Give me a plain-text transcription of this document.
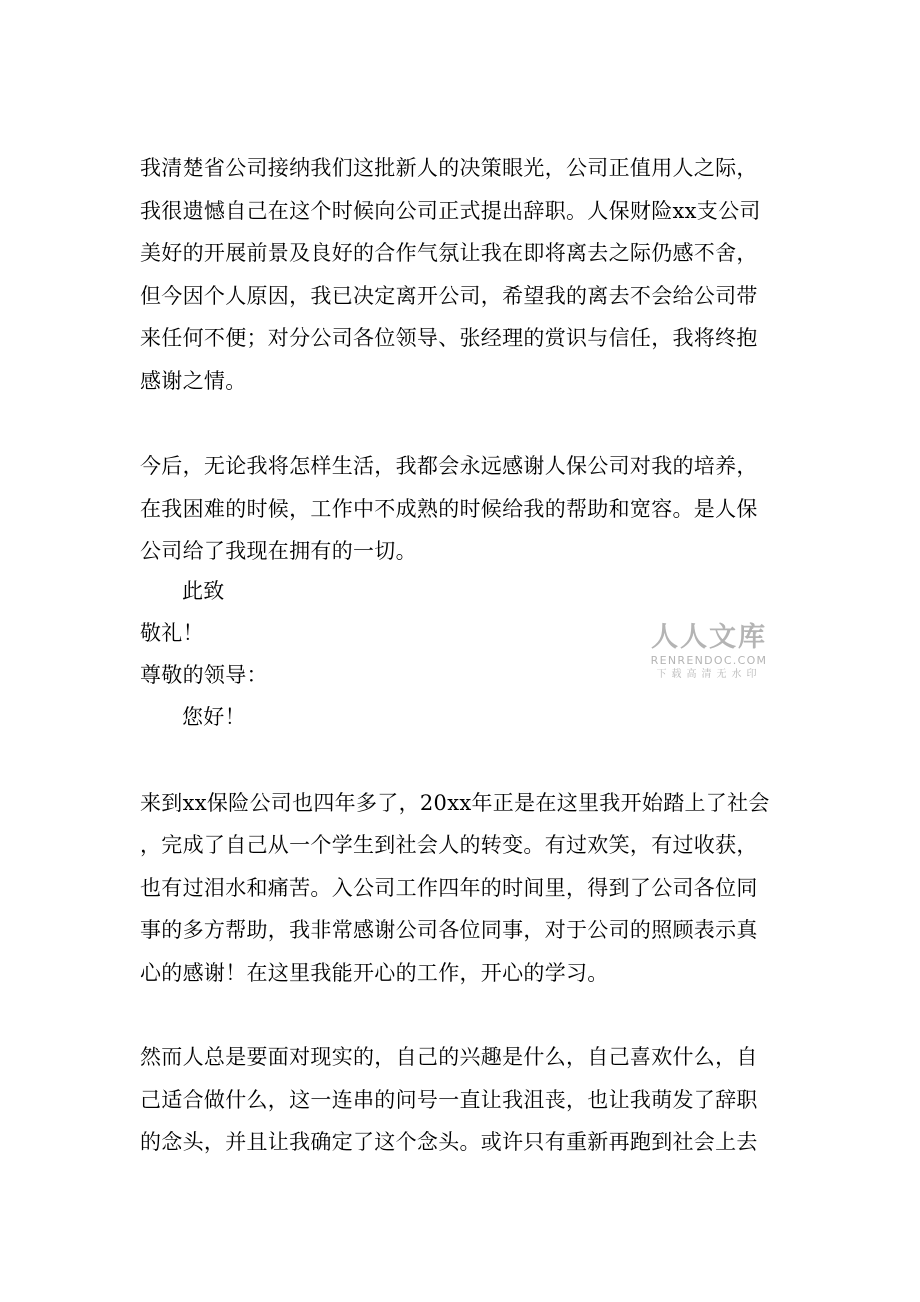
我清楚省公司接纳我们这批新人的决策眼光，公司正值用人之际，
我很遗憾自己在这个时候向公司正式提出辞职。人保财险xx支公司
美好的开展前景及良好的合作气氛让我在即将离去之际仍感不舍，
但今因个人原因，我已决定离开公司，希望我的离去不会给公司带
来任何不便；对分公司各位领导、张经理的赏识与信任，我将终抱
感谢之情。
今后，无论我将怎样生活，我都会永远感谢人保公司对我的培养，
在我困难的时候，工作中不成熟的时候给我的帮助和宽容。是人保
公司给了我现在拥有的一切。
此致
敬礼！
尊敬的领导：
您好！
来到xx保险公司也四年多了，20xx年正是在这里我开始踏上了社会
，完成了自己从一个学生到社会人的转变。有过欢笑，有过收获，
也有过泪水和痛苦。入公司工作四年的时间里，得到了公司各位同
事的多方帮助，我非常感谢公司各位同事，对于公司的照顾表示真
心的感谢！在这里我能开心的工作，开心的学习。
然而人总是要面对现实的，自己的兴趣是什么，自己喜欢什么，自
己适合做什么，这一连串的问号一直让我沮丧，也让我萌发了辞职
的念头，并且让我确定了这个念头。或许只有重新再跑到社会上去
人人文库
RENRENDOC.COM
下载高清无水印
